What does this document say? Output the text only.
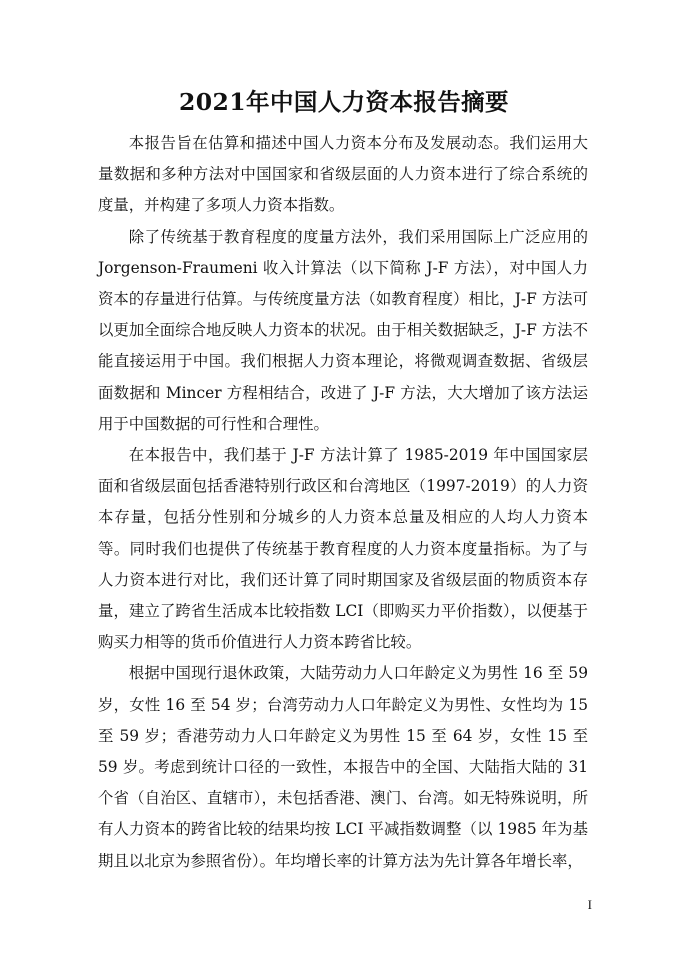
2021年中国人力资本报告摘要

本报告旨在估算和描述中国人力资本分布及发展动态。我们运用大量数据和多种方法对中国国家和省级层面的人力资本进行了综合系统的度量，并构建了多项人力资本指数。

除了传统基于教育程度的度量方法外，我们采用国际上广泛应用的 Jorgenson-Fraumeni 收入计算法（以下简称 J-F 方法），对中国人力资本的存量进行估算。与传统度量方法（如教育程度）相比，J-F 方法可以更加全面综合地反映人力资本的状况。由于相关数据缺乏，J-F 方法不能直接运用于中国。我们根据人力资本理论，将微观调查数据、省级层面数据和 Mincer 方程相结合，改进了 J-F 方法，大大增加了该方法运用于中国数据的可行性和合理性。

在本报告中，我们基于 J-F 方法计算了 1985-2019 年中国国家层面和省级层面包括香港特别行政区和台湾地区（1997-2019）的人力资本存量，包括分性别和分城乡的人力资本总量及相应的人均人力资本等。同时我们也提供了传统基于教育程度的人力资本度量指标。为了与人力资本进行对比，我们还计算了同时期国家及省级层面的物质资本存量，建立了跨省生活成本比较指数 LCI（即购买力平价指数），以便基于购买力相等的货币价值进行人力资本跨省比较。

根据中国现行退休政策，大陆劳动力人口年龄定义为男性 16 至 59 岁，女性 16 至 54 岁；台湾劳动力人口年龄定义为男性、女性均为 15 至 59 岁；香港劳动力人口年龄定义为男性 15 至 64 岁，女性 15 至 59 岁。考虑到统计口径的一致性，本报告中的全国、大陆指大陆的 31 个省（自治区、直辖市），未包括香港、澳门、台湾。如无特殊说明，所有人力资本的跨省比较的结果均按 LCI 平减指数调整（以 1985 年为基期且以北京为参照省份）。年均增长率的计算方法为先计算各年增长率，

I
